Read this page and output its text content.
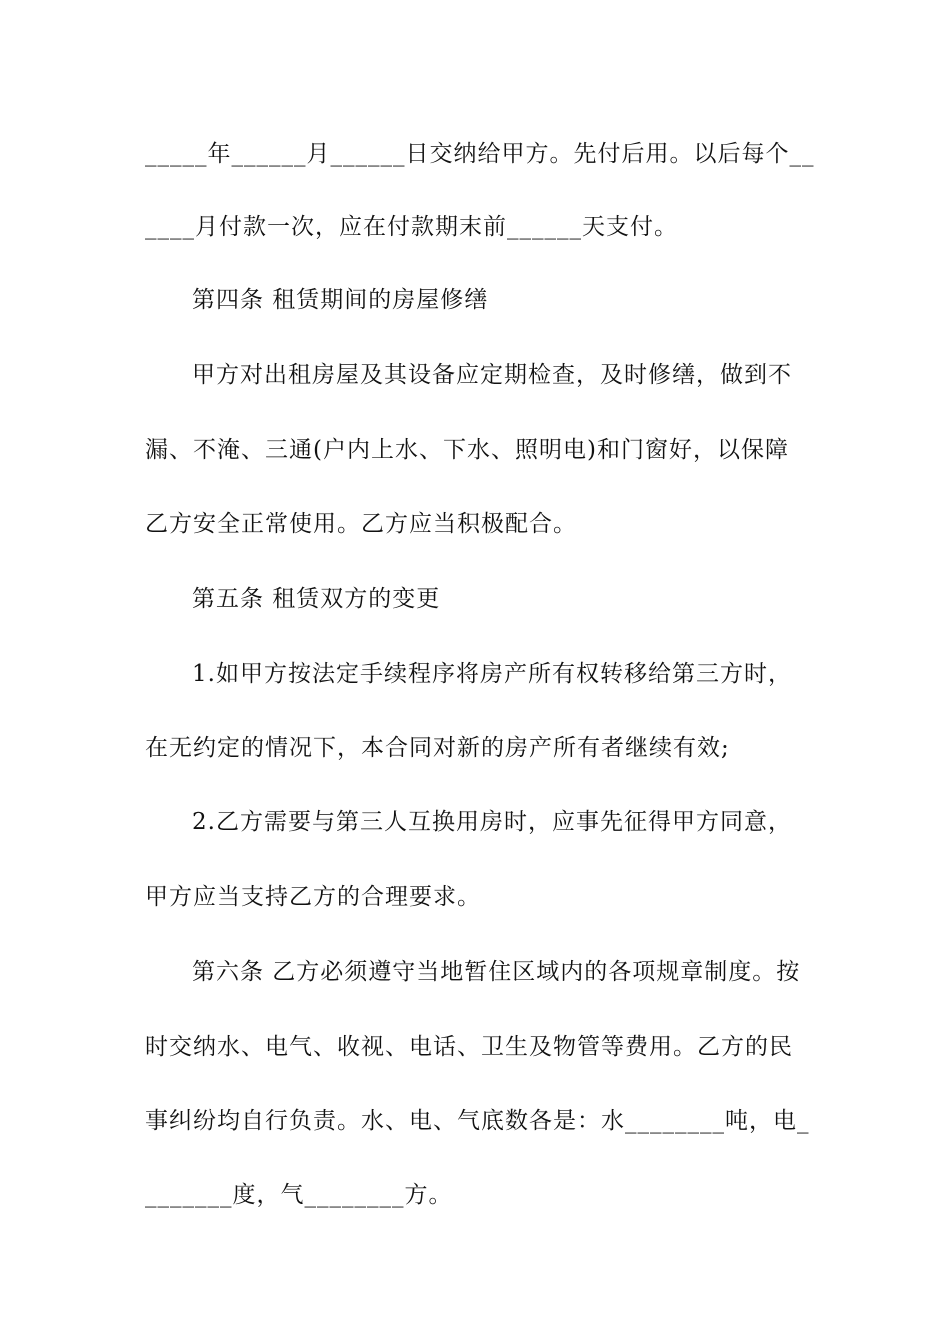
_____年______月______日交纳给甲方。先付后用。以后每个__

____月付款一次，应在付款期末前______天支付。

第四条 租赁期间的房屋修缮

甲方对出租房屋及其设备应定期检查，及时修缮，做到不

漏、不淹、三通(户内上水、下水、照明电)和门窗好，以保障

乙方安全正常使用。乙方应当积极配合。

第五条 租赁双方的变更

1.如甲方按法定手续程序将房产所有权转移给第三方时，

在无约定的情况下，本合同对新的房产所有者继续有效;

2.乙方需要与第三人互换用房时，应事先征得甲方同意，

甲方应当支持乙方的合理要求。

第六条 乙方必须遵守当地暂住区域内的各项规章制度。按

时交纳水、电气、收视、电话、卫生及物管等费用。乙方的民

事纠纷均自行负责。水、电、气底数各是：水________吨，电_

_______度，气________方。
